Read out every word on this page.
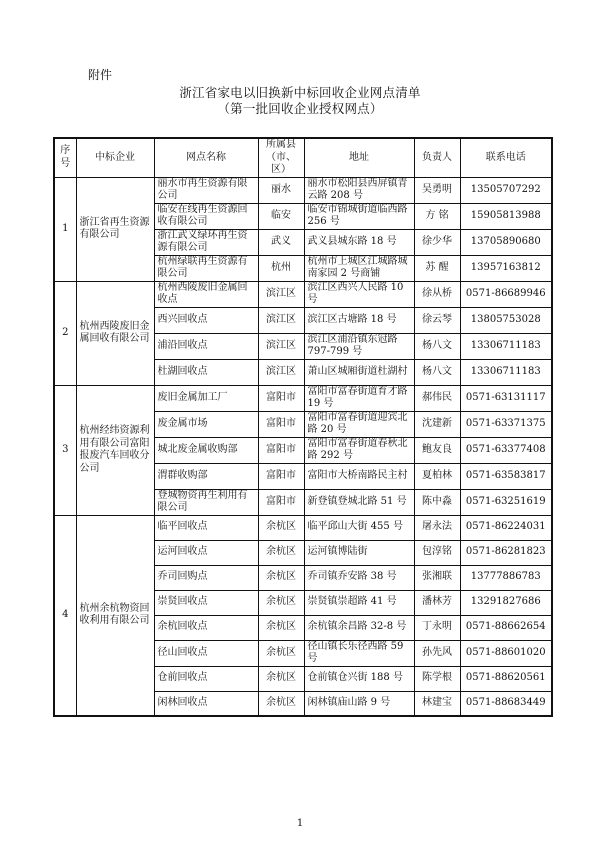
附件
浙江省家电以旧换新中标回收企业网点清单
（第一批回收企业授权网点）
序号	中标企业	网点名称	所属县（市、区）	地址	负责人	联系电话
1	浙江省再生资源有限公司	丽水市再生资源有限公司	丽水	丽水市松阳县西屏镇青云路 208 号	吴勇明	13505707292
		临安在线再生资源回收有限公司	临安	临安市锦城街道临西路 256 号	方 铭	15905813988
		浙江武义绿环再生资源有限公司	武义	武义县城东路 18 号	徐少华	13705890680
		杭州绿联再生资源有限公司	杭州	杭州市上城区江城路城南家园 2 号商铺	苏 醒	13957163812
2	杭州西陵废旧金属回收有限公司	杭州西陵废旧金属回收点	滨江区	滨江区西兴人民路 10 号	徐从桥	0571-86689946
		西兴回收点	滨江区	滨江区古塘路 18 号	徐云琴	13805753028
		浦沿回收点	滨江区	滨江区浦沿镇东冠路 797-799 号	杨八文	13306711183
		杜湖回收点	滨江区	萧山区城厢街道杜湖村	杨八文	13306711183
3	杭州经纬资源利用有限公司富阳报废汽车回收分公司	废旧金属加工厂	富阳市	富阳市富春街道育才路 19 号	郝伟民	0571-63131117
		废金属市场	富阳市	富阳市富春街道迎宾北路 20 号	沈建新	0571-63371375
		城北废金属收购部	富阳市	富阳市富春街道春秋北路 292 号	鲍友良	0571-63377408
		渭群收购部	富阳市	富阳市大桥南路民主村	夏柏林	0571-63583817
		登城物资再生利用有限公司	富阳市	新登镇登城北路 51 号	陈中淼	0571-63251619
4	杭州余杭物资回收利用有限公司	临平回收点	余杭区	临平邱山大街 455 号	屠永法	0571-86224031
		运河回收点	余杭区	运河镇博陆街	包淳铭	0571-86281823
		乔司回购点	余杭区	乔司镇乔安路 38 号	张湘联	13777886783
		崇贤回收点	余杭区	崇贤镇崇超路 41 号	潘林芳	13291827686
		余杭回收点	余杭区	余杭镇余昌路 32-8 号	丁永明	0571-88662654
		径山回收点	余杭区	径山镇长乐径西路 59 号	孙先风	0571-88601020
		仓前回收点	余杭区	仓前镇仓兴街 188 号	陈学根	0571-88620561
		闲林回收点	余杭区	闲林镇庙山路 9 号	林建宝	0571-88683449
1
